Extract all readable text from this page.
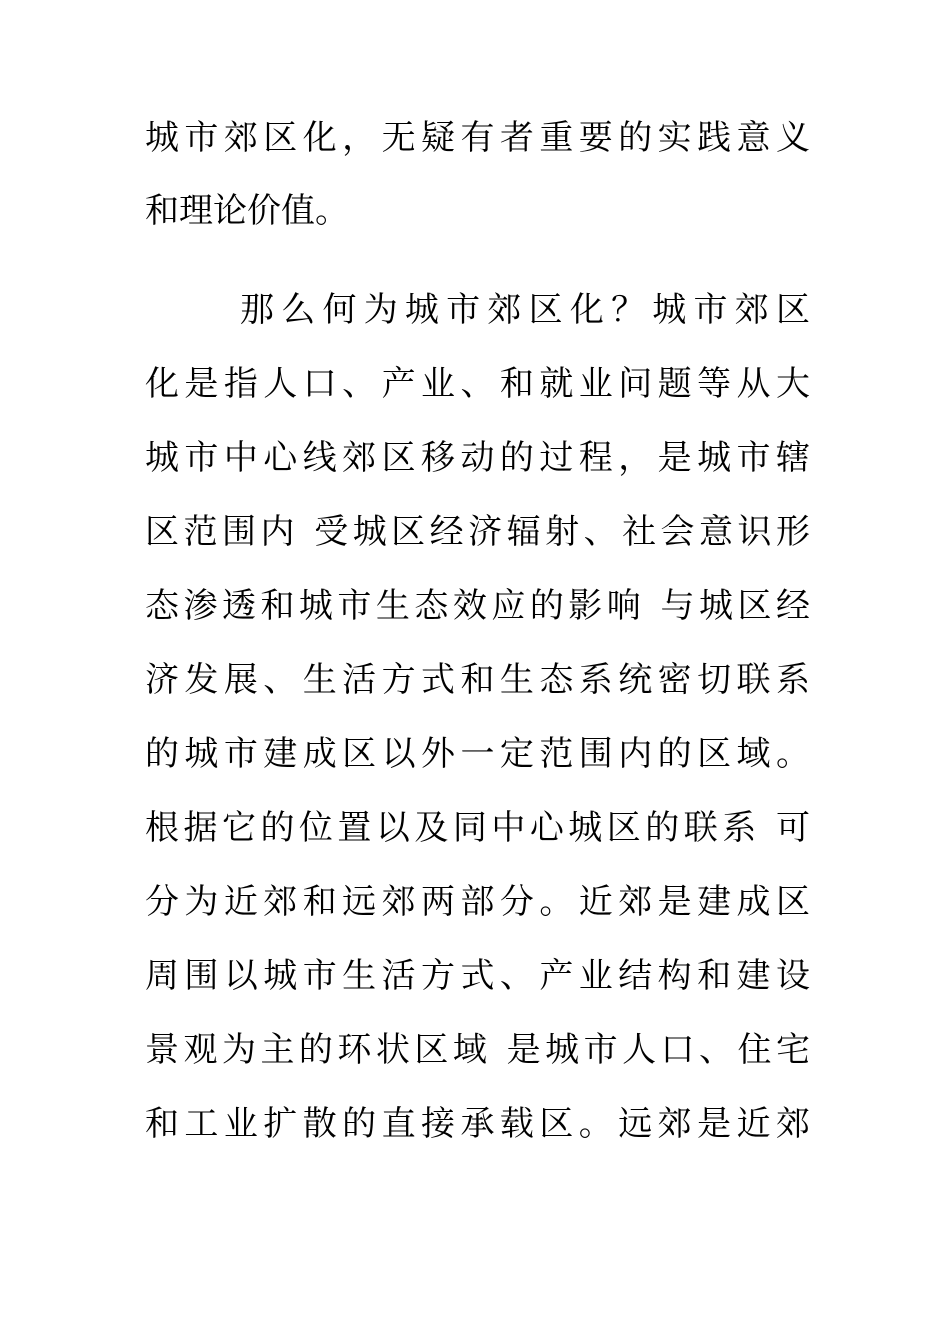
城市郊区化，无疑有者重要的实践意义
和理论价值。
那么何为城市郊区化？城市郊区
化是指人口、产业、和就业问题等从大
城市中心线郊区移动的过程，是城市辖
区范围内 受城区经济辐射、社会意识形
态渗透和城市生态效应的影响 与城区经
济发展、生活方式和生态系统密切联系
的城市建成区以外一定范围内的区域。
根据它的位置以及同中心城区的联系 可
分为近郊和远郊两部分。近郊是建成区
周围以城市生活方式、产业结构和建设
景观为主的环状区域 是城市人口、住宅
和工业扩散的直接承载区。远郊是近郊
